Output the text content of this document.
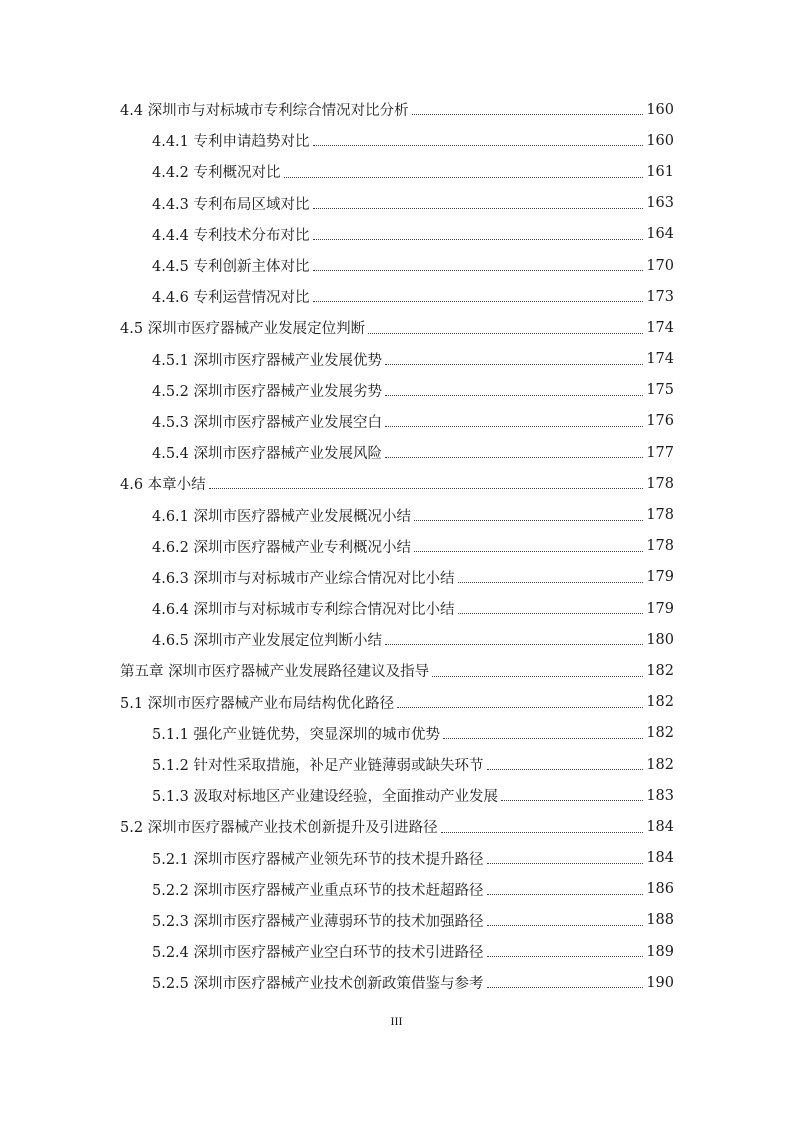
4.4 深圳市与对标城市专利综合情况对比分析	160
4.4.1 专利申请趋势对比	160
4.4.2 专利概况对比	161
4.4.3 专利布局区域对比	163
4.4.4 专利技术分布对比	164
4.4.5 专利创新主体对比	170
4.4.6 专利运营情况对比	173
4.5 深圳市医疗器械产业发展定位判断	174
4.5.1 深圳市医疗器械产业发展优势	174
4.5.2 深圳市医疗器械产业发展劣势	175
4.5.3 深圳市医疗器械产业发展空白	176
4.5.4 深圳市医疗器械产业发展风险	177
4.6 本章小结	178
4.6.1 深圳市医疗器械产业发展概况小结	178
4.6.2 深圳市医疗器械产业专利概况小结	178
4.6.3 深圳市与对标城市产业综合情况对比小结	179
4.6.4 深圳市与对标城市专利综合情况对比小结	179
4.6.5 深圳市产业发展定位判断小结	180
第五章 深圳市医疗器械产业发展路径建议及指导	182
5.1 深圳市医疗器械产业布局结构优化路径	182
5.1.1 强化产业链优势，突显深圳的城市优势	182
5.1.2 针对性采取措施，补足产业链薄弱或缺失环节	182
5.1.3 汲取对标地区产业建设经验，全面推动产业发展	183
5.2 深圳市医疗器械产业技术创新提升及引进路径	184
5.2.1 深圳市医疗器械产业领先环节的技术提升路径	184
5.2.2 深圳市医疗器械产业重点环节的技术赶超路径	186
5.2.3 深圳市医疗器械产业薄弱环节的技术加强路径	188
5.2.4 深圳市医疗器械产业空白环节的技术引进路径	189
5.2.5 深圳市医疗器械产业技术创新政策借鉴与参考	190
III
